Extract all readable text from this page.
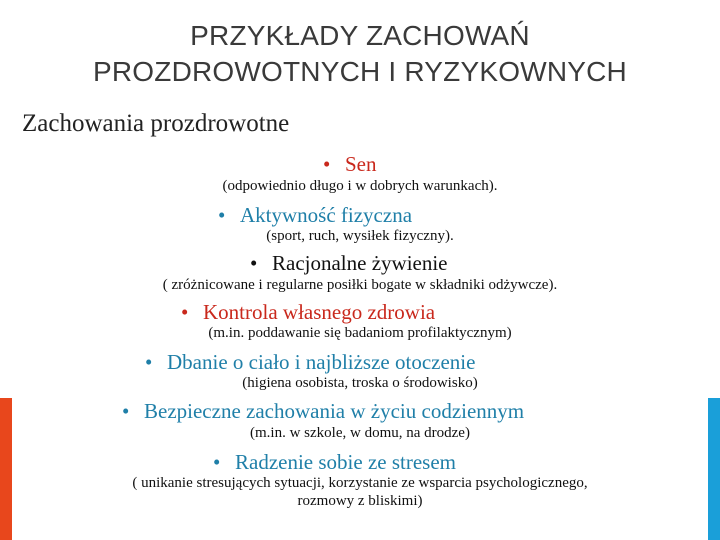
PRZYKŁADY ZACHOWAŃ
PROZDROWOTNYCH I RYZYKOWNYCH
Zachowania prozdrowotne
• Sen
(odpowiednio długo i w dobrych warunkach).
• Aktywność fizyczna
(sport, ruch, wysiłek fizyczny).
• Racjonalne żywienie
( zróżnicowane i regularne posiłki bogate w składniki odżywcze).
• Kontrola własnego zdrowia
(m.in. poddawanie się badaniom profilaktycznym)
• Dbanie o ciało i najbliższe otoczenie
(higiena osobista, troska o środowisko)
• Bezpieczne zachowania w życiu codziennym
(m.in. w szkole, w domu, na drodze)
• Radzenie sobie ze stresem
( unikanie stresujących sytuacji, korzystanie ze wsparcia psychologicznego,
rozmowy z bliskimi)
